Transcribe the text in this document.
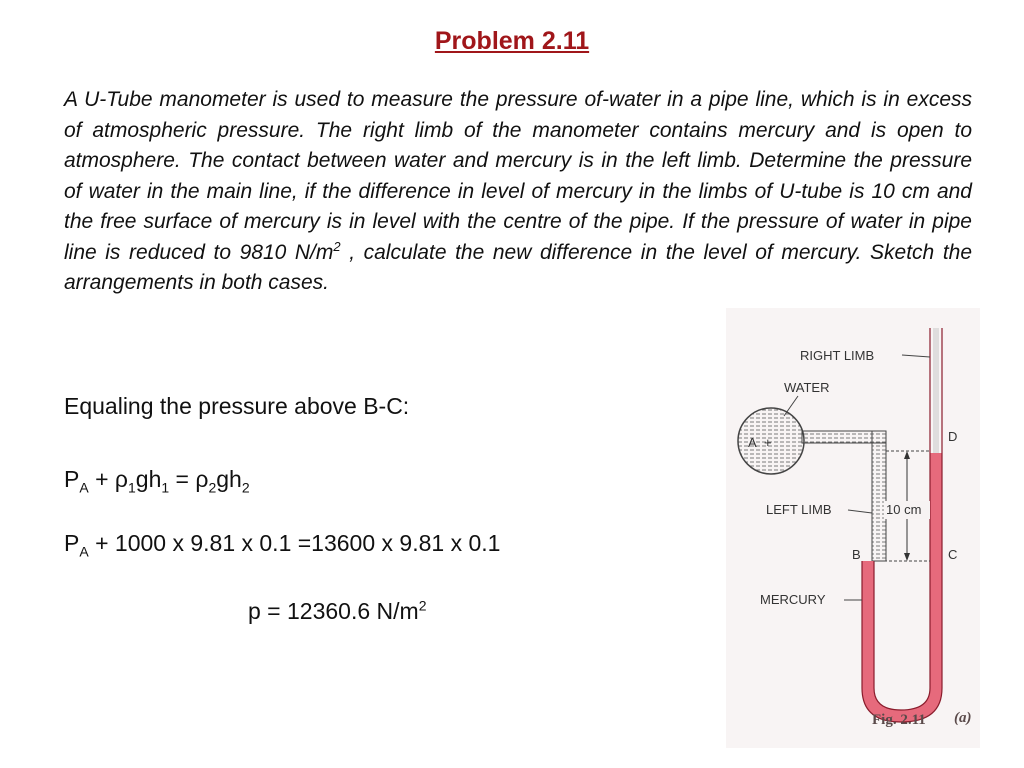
Problem 2.11

A U-Tube manometer is used to measure the pressure of-water in a pipe line, which is in excess of atmospheric pressure. The right limb of the manometer contains mercury and is open to atmosphere. The contact between water and mercury is in the left limb. Determine the pressure of water in the main line, if the difference in level of mercury in the limbs of U-tube is 10 cm and the free surface of mercury is in level with the centre of the pipe. If the pressure of water in pipe line is reduced to 9810 $N/m^2$ , calculate the new difference in the level of mercury. Sketch the arrangements in both cases.

Equaling the pressure above B-C:
$P_A + \rho_1gh_1 = \rho_2gh_2$
$P_A + 1000$ x 9.81 x 0.1 =13600 x 9.81 x 0.1
p = 12360.6 $N/m^2$
A +
10 cm
RIGHT LIMB
WATER
D
LEFT LIMB
B	C
MERCURY
Fig. 2.11 (a)
